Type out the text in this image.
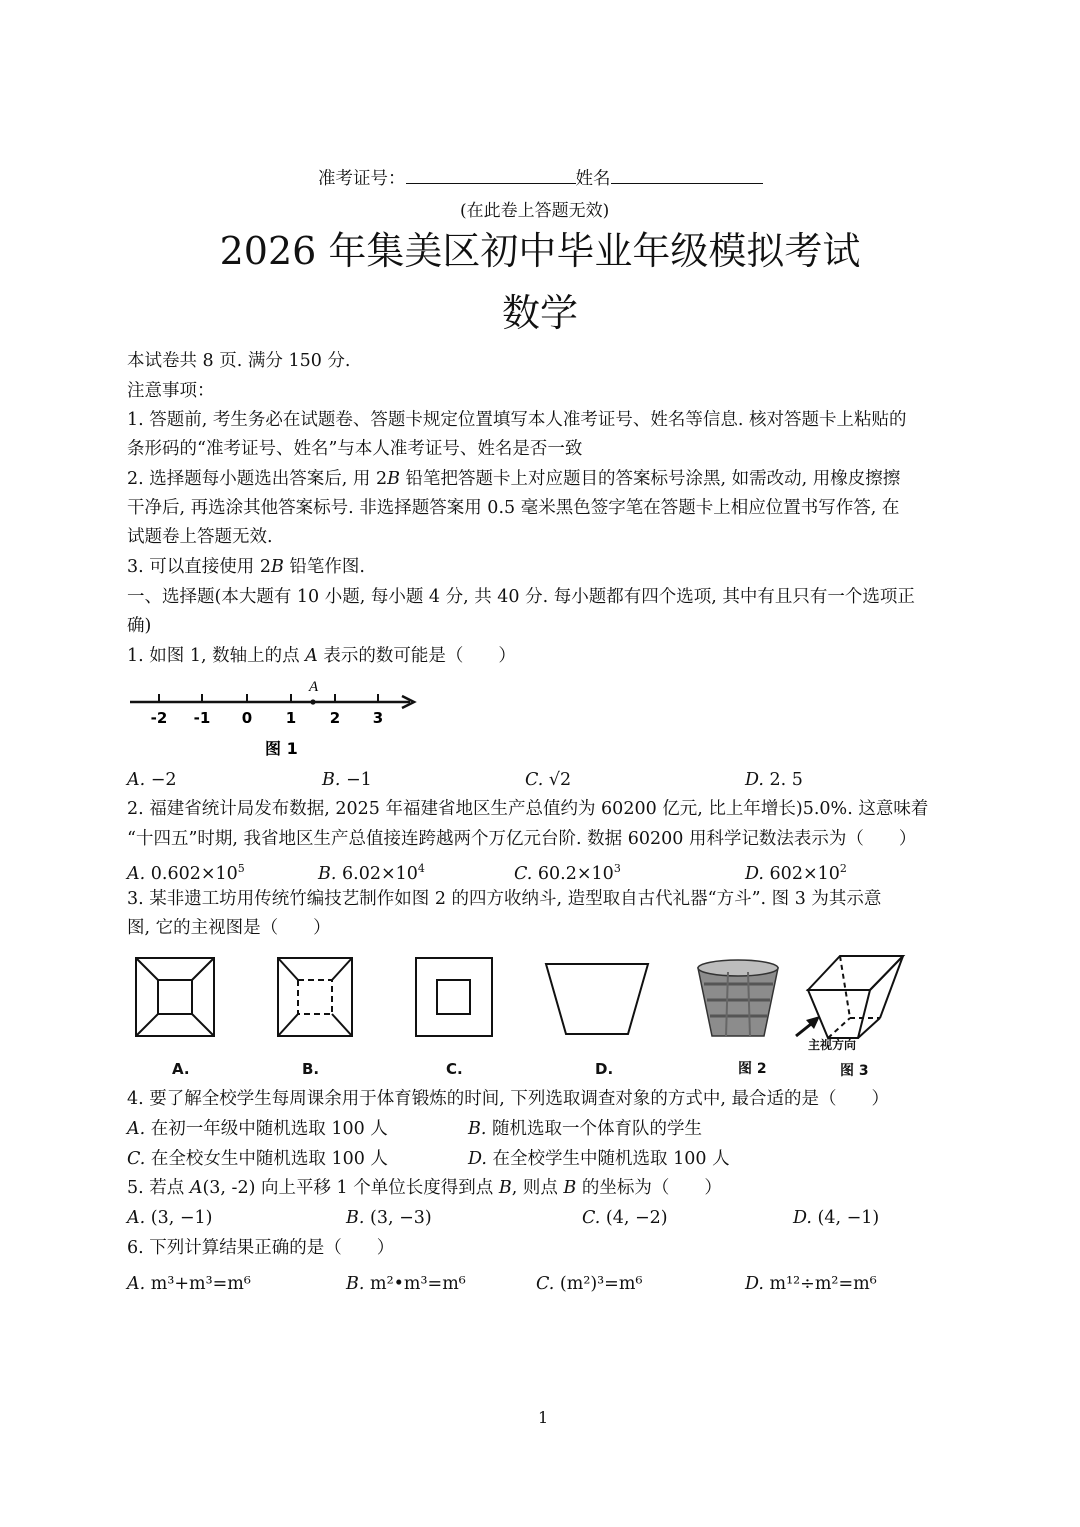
准考证号：	姓名
(在此卷上答题无效)
2026 年集美区初中毕业年级模拟考试
数学
本试卷共 8 页. 满分 150 分.
注意事项：
1. 答题前, 考生务必在试题卷、答题卡规定位置填写本人准考证号、姓名等信息. 核对答题卡上粘贴的
条形码的“准考证号、姓名”与本人准考证号、姓名是否一致
2. 选择题每小题选出答案后, 用 2B 铅笔把答题卡上对应题目的答案标号涂黑, 如需改动, 用橡皮擦擦
干净后, 再选涂其他答案标号. 非选择题答案用 0.5 毫米黑色签字笔在答题卡上相应位置书写作答, 在
试题卷上答题无效.
3. 可以直接使用 2B 铅笔作图.
一、选择题(本大题有 10 小题, 每小题 4 分, 共 40 分. 每小题都有四个选项, 其中有且只有一个选项正
确)
1. 如图 1, 数轴上的点 A 表示的数可能是（　　）
-2 -1 0 1 2 3
A
图 1
A. −2	B. −1	C. √2	D. 2. 5
2. 福建省统计局发布数据, 2025 年福建省地区生产总值约为 60200 亿元, 比上年增长)5.0%. 这意味着
“十四五”时期, 我省地区生产总值接连跨越两个万亿元台阶. 数据 60200 用科学记数法表示为（　　）
A. $0.602\times 10^5$	B. $6.02\times 10^4$	C. $60.2\times 10^3$	D. $602\times 10^2$
3. 某非遗工坊用传统竹编技艺制作如图 2 的四方收纳斗, 造型取自古代礼器“方斗”. 图 3 为其示意
图, 它的主视图是（　　）
A.	B.	C.	D.	图 2
主视方向
图 3
4. 要了解全校学生每周课余用于体育锻炼的时间, 下列选取调查对象的方式中, 最合适的是（　　）
A. 在初一年级中随机选取 100 人	B. 随机选取一个体育队的学生
C. 在全校女生中随机选取 100 人	D. 在全校学生中随机选取 100 人
5. 若点 A(3, -2) 向上平移 1 个单位长度得到点 B, 则点 B 的坐标为（　　）
A. (3, −1)	B. (3, −3)	C. (4, −2)	D. (4, −1)
6. 下列计算结果正确的是（　　）
A. m³+m³=m⁶	B. m²•m³=m⁶	C. (m²)³=m⁶	D. m¹²÷m²=m⁶
1
